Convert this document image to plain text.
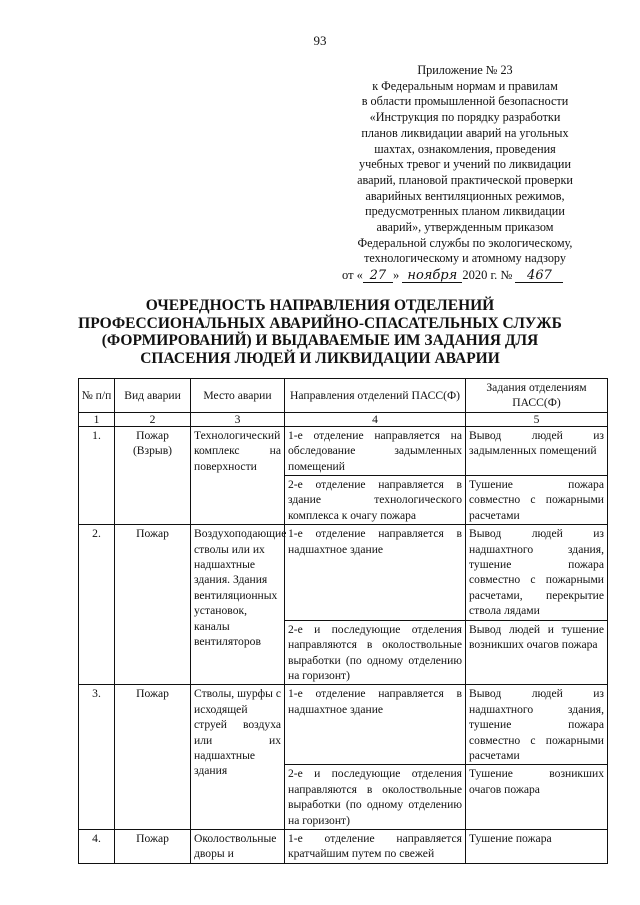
93
Приложение № 23
к Федеральным нормам и правилам
в области промышленной безопасности
«Инструкция по порядку разработки
планов ликвидации аварий на угольных
шахтах, ознакомления, проведения
учебных тревог и учений по ликвидации
аварий, плановой практической проверки
аварийных вентиляционных режимов,
предусмотренных планом ликвидации
аварий», утвержденным приказом
Федеральной службы по экологическому,
технологическому и атомному надзору
от « 27 » ноября 2020 г. № 467
ОЧЕРЕДНОСТЬ НАПРАВЛЕНИЯ ОТДЕЛЕНИЙ
ПРОФЕССИОНАЛЬНЫХ АВАРИЙНО-СПАСАТЕЛЬНЫХ СЛУЖБ
(ФОРМИРОВАНИЙ) И ВЫДАВАЕМЫЕ ИМ ЗАДАНИЯ ДЛЯ
СПАСЕНИЯ ЛЮДЕЙ И ЛИКВИДАЦИИ АВАРИИ
№ п/п	Вид аварии	Место аварии	Направления отделений ПАСС(Ф)	Задания отделениям ПАСС(Ф)
1	2	3	4	5
1.	Пожар (Взрыв)	Технологический комплекс на поверхности	1-е отделение направляется на обследование задымленных помещений	Вывод людей из задымленных помещений
			2-е отделение направляется в здание технологического комплекса к очагу пожара	Тушение пожара совместно с пожарными расчетами
2.	Пожар	Воздухоподающие стволы или их надшахтные здания. Здания вентиляционных установок, каналы вентиляторов	1-е отделение направляется в надшахтное здание	Вывод людей из надшахтного здания, тушение пожара совместно с пожарными расчетами, перекрытие ствола лядами
			2-е и последующие отделения направляются в околоствольные выработки (по одному отделению на горизонт)	Вывод людей и тушение возникших очагов пожара
3.	Пожар	Стволы, шурфы с исходящей струей воздуха или их надшахтные здания	1-е отделение направляется в надшахтное здание	Вывод людей из надшахтного здания, тушение пожара совместно с пожарными расчетами
			2-е и последующие отделения направляются в околоствольные выработки (по одному отделению на горизонт)	Тушение возникших очагов пожара
4.	Пожар	Околоствольные дворы и	1-е отделение направляется кратчайшим путем по свежей	Тушение пожара
